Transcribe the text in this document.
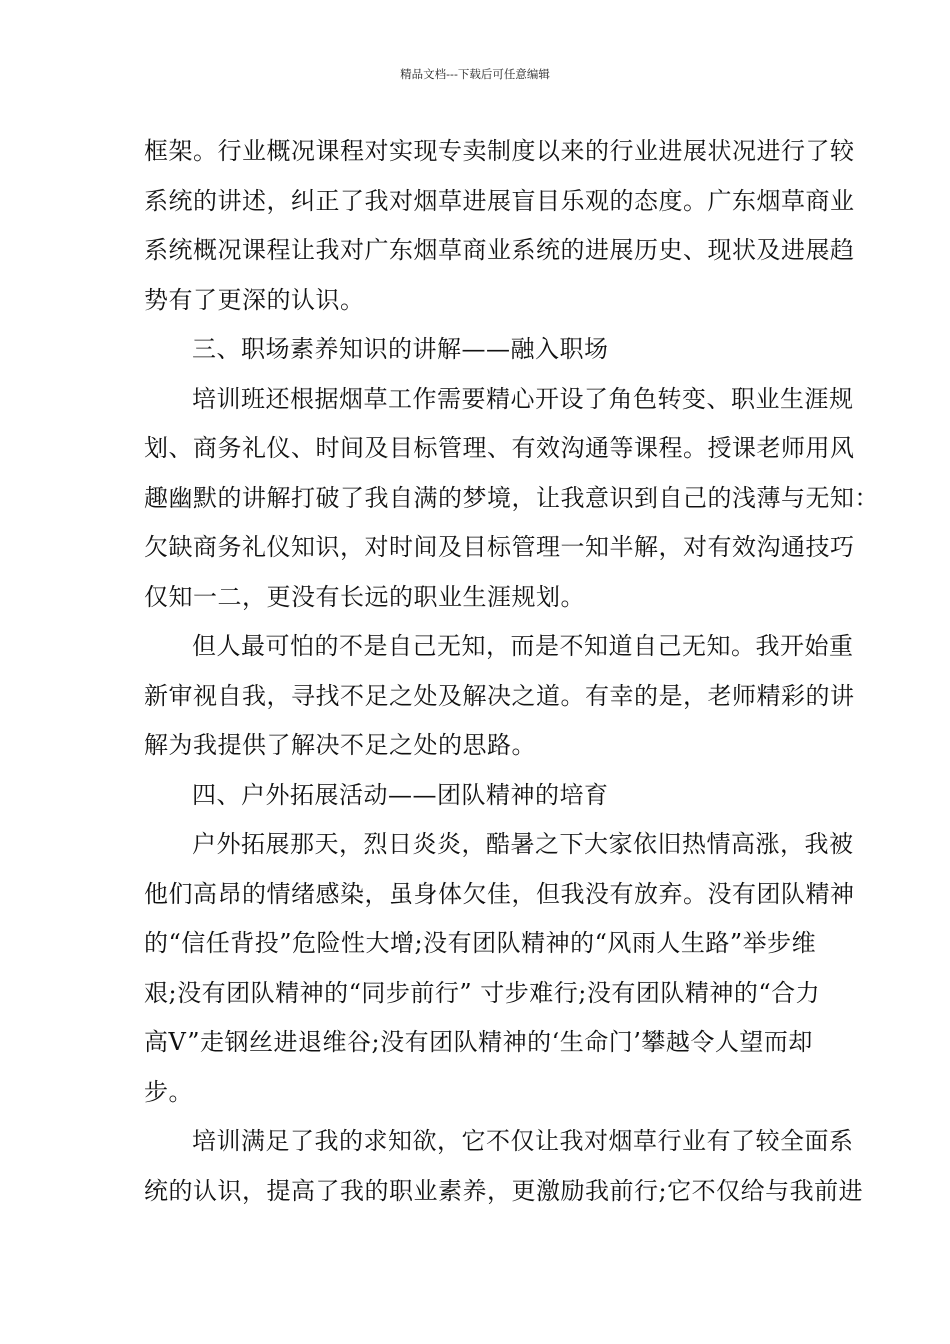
精品文档---下载后可任意编辑
框架。行业概况课程对实现专卖制度以来的行业进展状况进行了较
系统的讲述，纠正了我对烟草进展盲目乐观的态度。广东烟草商业
系统概况课程让我对广东烟草商业系统的进展历史、现状及进展趋
势有了更深的认识。
三、职场素养知识的讲解——融入职场
培训班还根据烟草工作需要精心开设了角色转变、职业生涯规
划、商务礼仪、时间及目标管理、有效沟通等课程。授课老师用风
趣幽默的讲解打破了我自满的梦境，让我意识到自己的浅薄与无知：
欠缺商务礼仪知识，对时间及目标管理一知半解，对有效沟通技巧
仅知一二，更没有长远的职业生涯规划。
但人最可怕的不是自己无知，而是不知道自己无知。我开始重
新审视自我，寻找不足之处及解决之道。有幸的是，老师精彩的讲
解为我提供了解决不足之处的思路。
四、户外拓展活动——团队精神的培育
户外拓展那天，烈日炎炎，酷暑之下大家依旧热情高涨，我被
他们高昂的情绪感染，虽身体欠佳，但我没有放弃。没有团队精神
的“信任背投”危险性大增;没有团队精神的“风雨人生路”举步维
艰;没有团队精神的“同步前行” 寸步难行;没有团队精神的“合力
高V”走钢丝进退维谷;没有团队精神的‘生命门’攀越令人望而却
步。
培训满足了我的求知欲，它不仅让我对烟草行业有了较全面系
统的认识，提高了我的职业素养，更激励我前行;它不仅给与我前进
